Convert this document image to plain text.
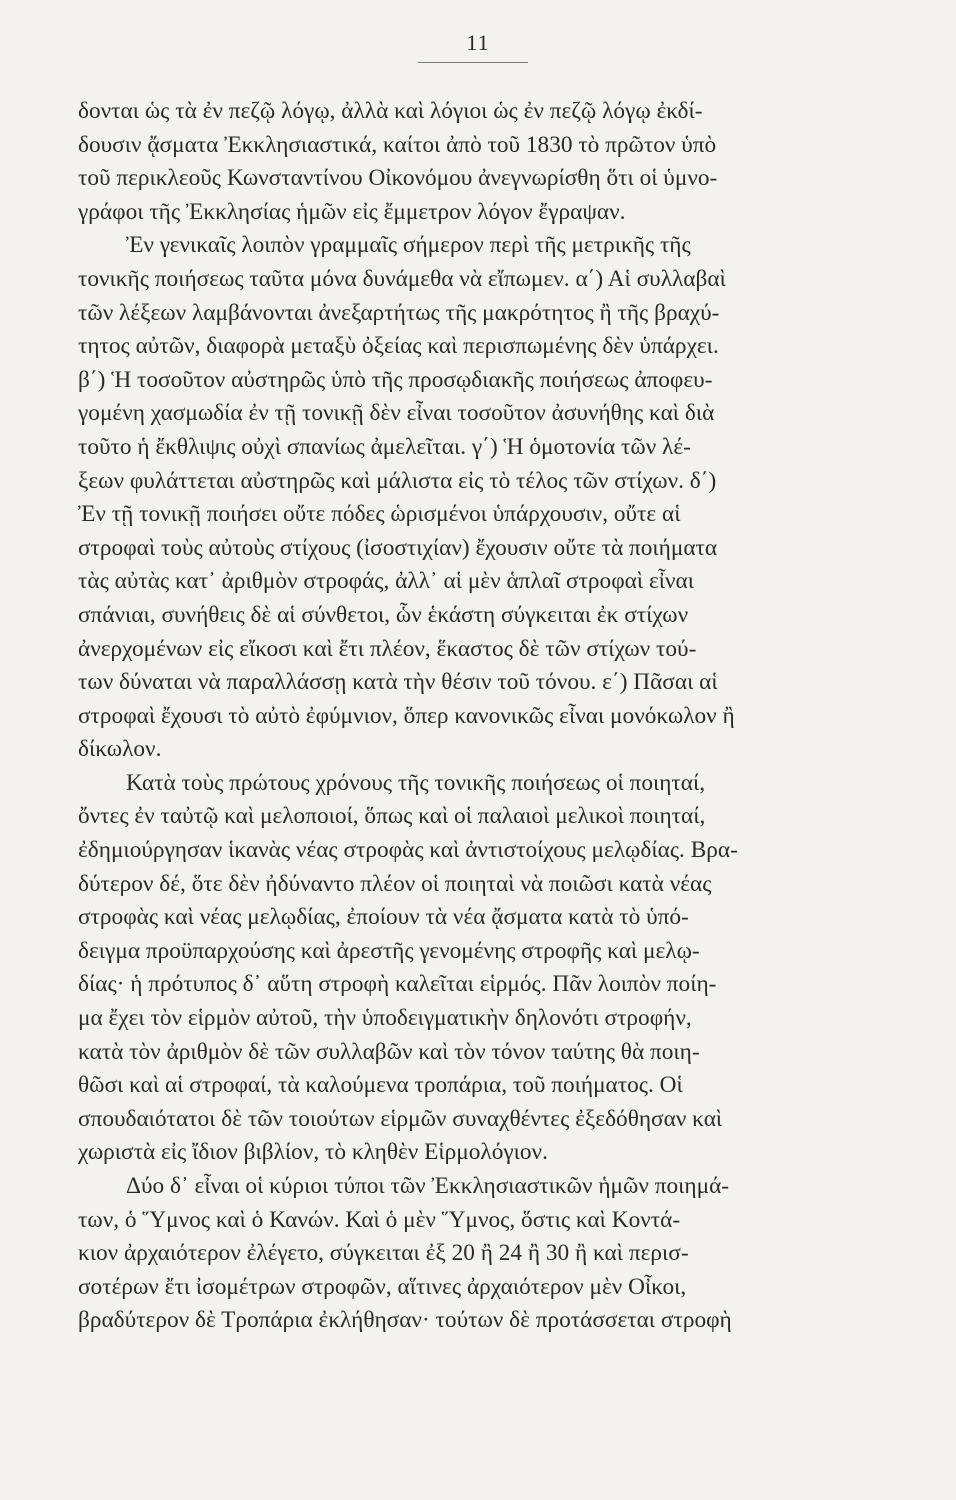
11
δονται ὡς τὰ ἐν πεζῷ λόγῳ, ἀλλὰ καὶ λόγιοι ὡς ἐν πεζῷ λόγῳ ἐκδί-
δουσιν ᾄσματα Ἐκκλησιαστικά, καίτοι ἀπὸ τοῦ 1830 τὸ πρῶτον ὑπὸ
τοῦ περικλεοῦς Κωνσταντίνου Οἰκονόμου ἀνεγνωρίσθη ὅτι οἱ ὑμνο-
γράφοι τῆς Ἐκκλησίας ἡμῶν εἰς ἔμμετρον λόγον ἔγραψαν.
Ἐν γενικαῖς λοιπὸν γραμμαῖς σήμερον περὶ τῆς μετρικῆς τῆς
τονικῆς ποιήσεως ταῦτα μόνα δυνάμεθα νὰ εἴπωμεν. α΄) Αἱ συλλαβαὶ
τῶν λέξεων λαμβάνονται ἀνεξαρτήτως τῆς μακρότητος ἢ τῆς βραχύ-
τητος αὐτῶν, διαφορὰ μεταξὺ ὀξείας καὶ περισπωμένης δὲν ὑπάρχει.
β΄) Ἡ τοσοῦτον αὐστηρῶς ὑπὸ τῆς προσῳδιακῆς ποιήσεως ἀποφευ-
γομένη χασμωδία ἐν τῇ τονικῇ δὲν εἶναι τοσοῦτον ἀσυνήθης καὶ διὰ
τοῦτο ἡ ἔκθλιψις οὐχὶ σπανίως ἀμελεῖται. γ΄) Ἡ ὁμοτονία τῶν λέ-
ξεων φυλάττεται αὐστηρῶς καὶ μάλιστα εἰς τὸ τέλος τῶν στίχων. δ΄)
Ἐν τῇ τονικῇ ποιήσει οὔτε πόδες ὡρισμένοι ὑπάρχουσιν, οὔτε αἱ
στροφαὶ τοὺς αὐτοὺς στίχους (ἰσοστιχίαν) ἔχουσιν οὔτε τὰ ποιήματα
τὰς αὐτὰς κατ᾽ ἀριθμὸν στροφάς, ἀλλ᾽ αἱ μὲν ἁπλαῖ στροφαὶ εἶναι
σπάνιαι, συνήθεις δὲ αἱ σύνθετοι, ὧν ἑκάστη σύγκειται ἐκ στίχων
ἀνερχομένων εἰς εἴκοσι καὶ ἔτι πλέον, ἕκαστος δὲ τῶν στίχων τού-
των δύναται νὰ παραλλάσσῃ κατὰ τὴν θέσιν τοῦ τόνου. ε΄) Πᾶσαι αἱ
στροφαὶ ἔχουσι τὸ αὐτὸ ἐφύμνιον, ὅπερ κανονικῶς εἶναι μονόκωλον ἢ
δίκωλον.
Κατὰ τοὺς πρώτους χρόνους τῆς τονικῆς ποιήσεως οἱ ποιηταί,
ὄντες ἐν ταὐτῷ καὶ μελοποιοί, ὅπως καὶ οἱ παλαιοὶ μελικοὶ ποιηταί,
ἐδημιούργησαν ἱκανὰς νέας στροφὰς καὶ ἀντιστοίχους μελῳδίας. Βρα-
δύτερον δέ, ὅτε δὲν ἠδύναντο πλέον οἱ ποιηταὶ νὰ ποιῶσι κατὰ νέας
στροφὰς καὶ νέας μελῳδίας, ἐποίουν τὰ νέα ᾄσματα κατὰ τὸ ὑπό-
δειγμα προϋπαρχούσης καὶ ἀρεστῆς γενομένης στροφῆς καὶ μελῳ-
δίας· ἡ πρότυπος δ᾽ αὕτη στροφὴ καλεῖται εἱρμός. Πᾶν λοιπὸν ποίη-
μα ἔχει τὸν εἱρμὸν αὐτοῦ, τὴν ὑποδειγματικὴν δηλονότι στροφήν,
κατὰ τὸν ἀριθμὸν δὲ τῶν συλλαβῶν καὶ τὸν τόνον ταύτης θὰ ποιη-
θῶσι καὶ αἱ στροφαί, τὰ καλούμενα τροπάρια, τοῦ ποιήματος. Οἱ
σπουδαιότατοι δὲ τῶν τοιούτων εἱρμῶν συναχθέντες ἐξεδόθησαν καὶ
χωριστὰ εἰς ἴδιον βιβλίον, τὸ κληθὲν Εἱρμολόγιον.
Δύο δ᾽ εἶναι οἱ κύριοι τύποι τῶν Ἐκκλησιαστικῶν ἡμῶν ποιημά-
των, ὁ Ὕμνος καὶ ὁ Κανών. Καὶ ὁ μὲν Ὕμνος, ὅστις καὶ Κοντά-
κιον ἀρχαιότερον ἐλέγετο, σύγκειται ἐξ 20 ἢ 24 ἢ 30 ἢ καὶ περισ-
σοτέρων ἔτι ἰσομέτρων στροφῶν, αἵτινες ἀρχαιότερον μὲν Οἶκοι,
βραδύτερον δὲ Τροπάρια ἐκλήθησαν· τούτων δὲ προτάσσεται στροφὴ
